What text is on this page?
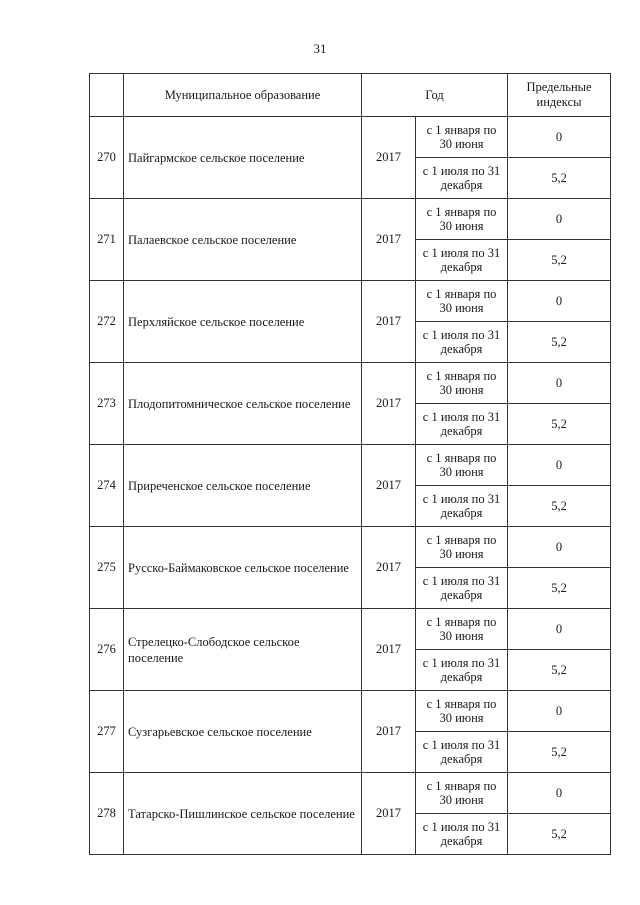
31
	Муниципальное образование	Год		Предельные индексы
270	Пайгармское сельское поселение	2017	с 1 января по 30 июня	0
			с 1 июля по 31 декабря	5,2
271	Палаевское сельское поселение	2017	с 1 января по 30 июня	0
			с 1 июля по 31 декабря	5,2
272	Перхляйское сельское поселение	2017	с 1 января по 30 июня	0
			с 1 июля по 31 декабря	5,2
273	Плодопитомническое сельское поселение	2017	с 1 января по 30 июня	0
			с 1 июля по 31 декабря	5,2
274	Приреченское сельское поселение	2017	с 1 января по 30 июня	0
			с 1 июля по 31 декабря	5,2
275	Русско-Баймаковское сельское поселение	2017	с 1 января по 30 июня	0
			с 1 июля по 31 декабря	5,2
276	Стрелецко-Слободское сельское поселение	2017	с 1 января по 30 июня	0
			с 1 июля по 31 декабря	5,2
277	Сузгарьевское сельское поселение	2017	с 1 января по 30 июня	0
			с 1 июля по 31 декабря	5,2
278	Татарско-Пишлинское сельское поселение	2017	с 1 января по 30 июня	0
			с 1 июля по 31 декабря	5,2
